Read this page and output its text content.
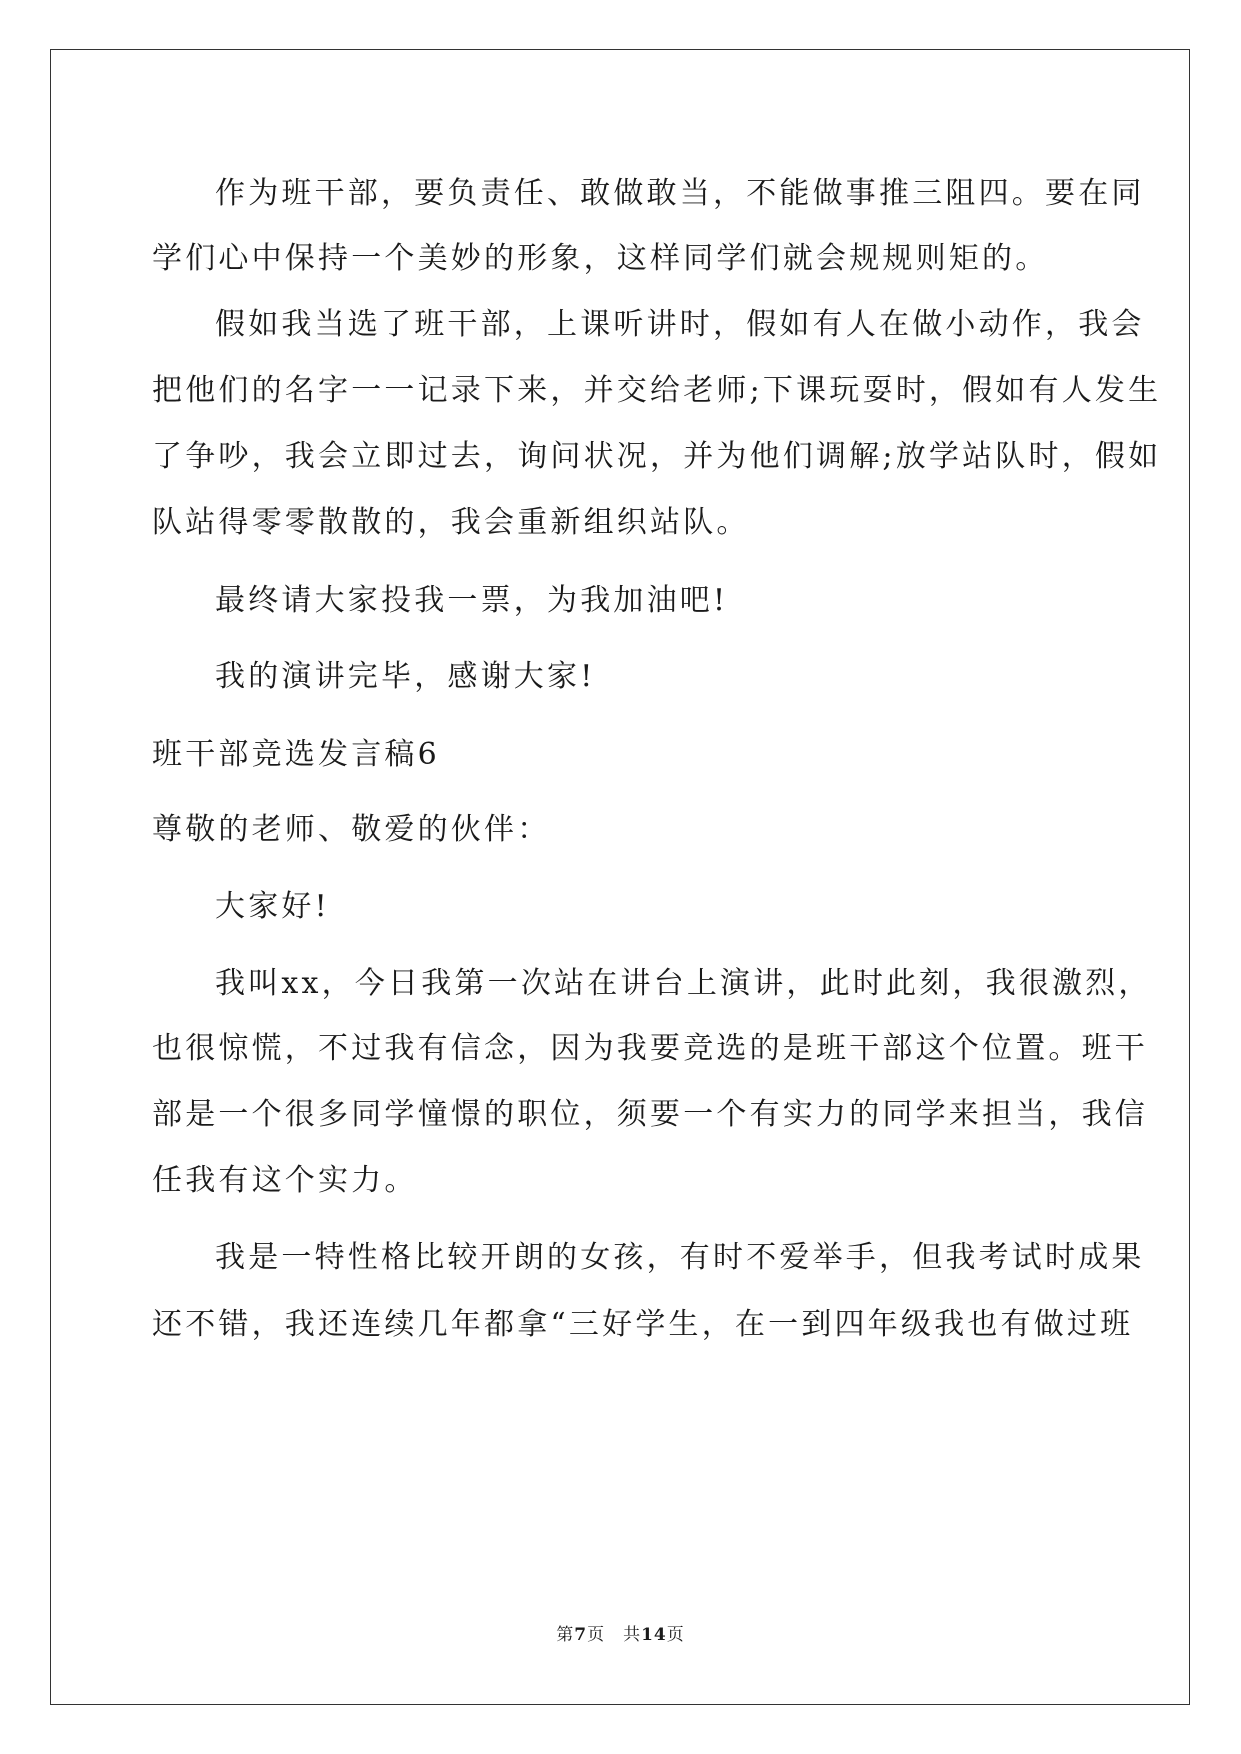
作为班干部，要负责任、敢做敢当，不能做事推三阻四。要在同
学们心中保持一个美妙的形象，这样同学们就会规规则矩的。
假如我当选了班干部，上课听讲时，假如有人在做小动作，我会
把他们的名字一一记录下来，并交给老师;下课玩耍时，假如有人发生
了争吵，我会立即过去，询问状况，并为他们调解;放学站队时，假如
队站得零零散散的，我会重新组织站队。
最终请大家投我一票，为我加油吧!
我的演讲完毕，感谢大家!
班干部竞选发言稿6
尊敬的老师、敬爱的伙伴：
大家好!
我叫xx，今日我第一次站在讲台上演讲，此时此刻，我很激烈，
也很惊慌，不过我有信念，因为我要竞选的是班干部这个位置。班干
部是一个很多同学憧憬的职位，须要一个有实力的同学来担当，我信
任我有这个实力。
我是一特性格比较开朗的女孩，有时不爱举手，但我考试时成果
还不错，我还连续几年都拿“三好学生，在一到四年级我也有做过班
第7页　共14页
